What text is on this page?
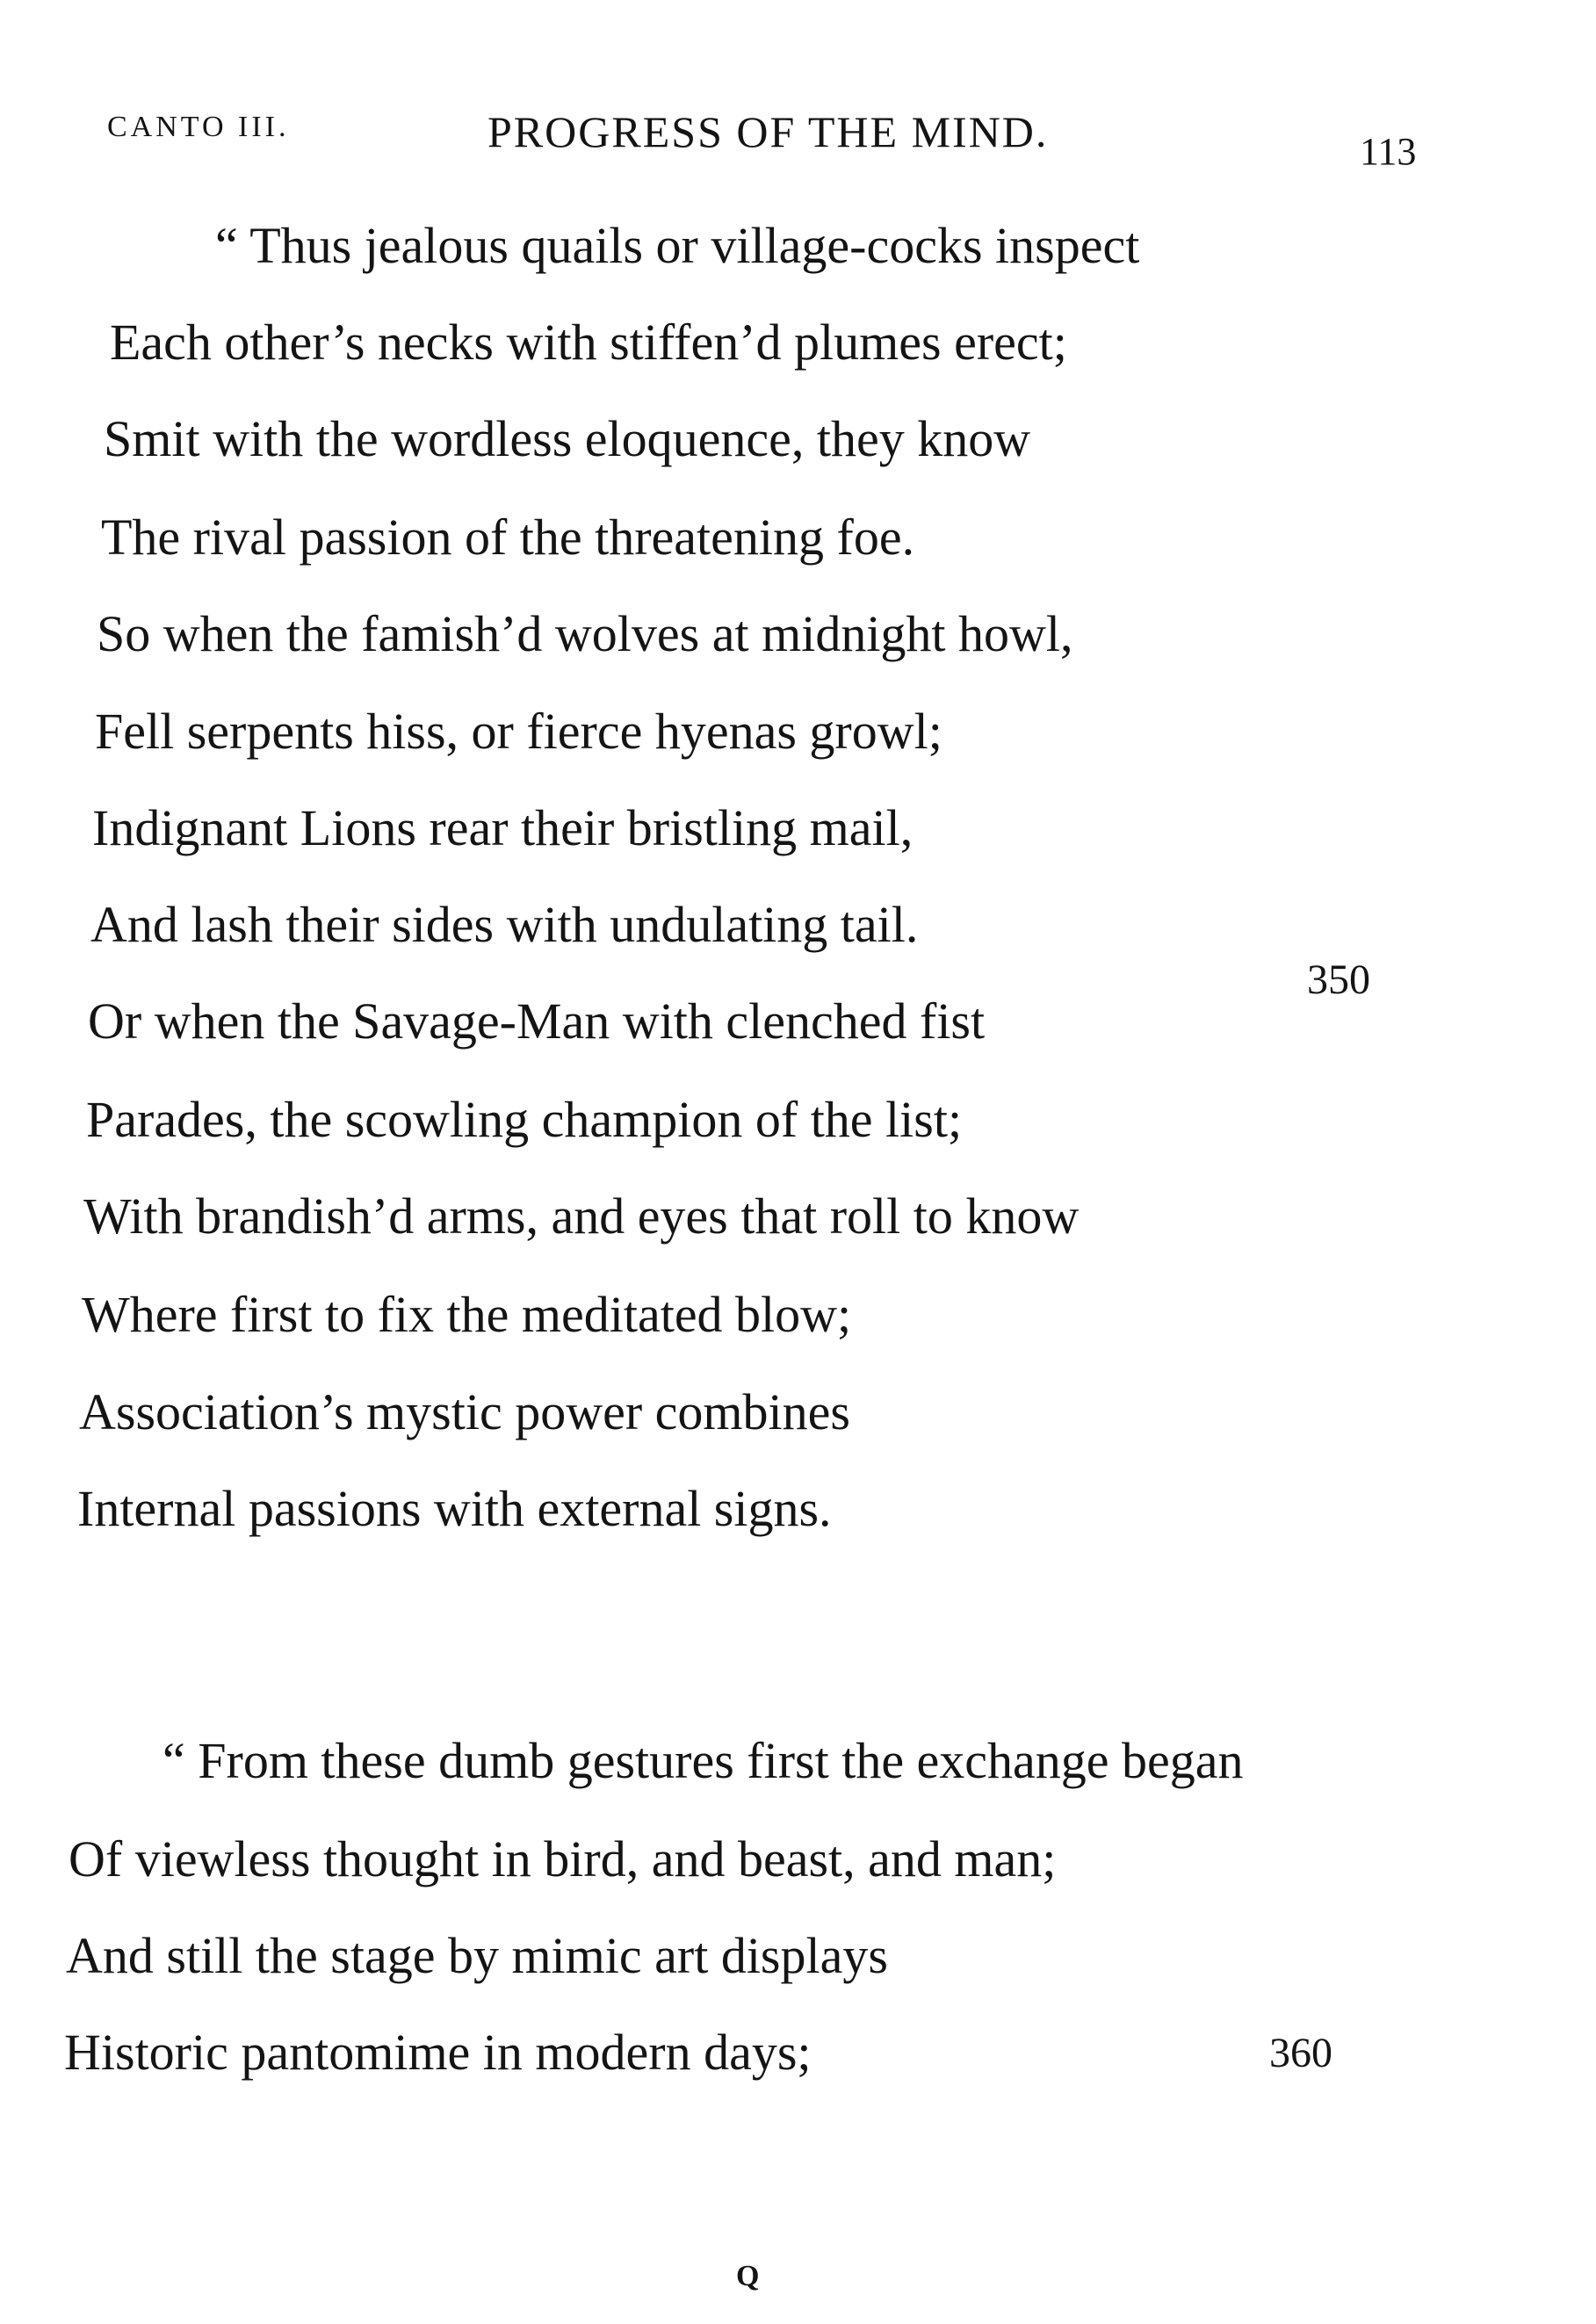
CANTO III.	PROGRESS OF THE MIND.	113
“ Thus jealous quails or village-cocks inspect
Each other’s necks with stiffen’d plumes erect;
Smit with the wordless eloquence, they know
The rival passion of the threatening foe.
So when the famish’d wolves at midnight howl,
Fell serpents hiss, or fierce hyenas growl;
Indignant Lions rear their bristling mail,
And lash their sides with undulating tail.
Or when the Savage-Man with clenched fist
Parades, the scowling champion of the list;
With brandish’d arms, and eyes that roll to know
Where first to fix the meditated blow;
Association’s mystic power combines
Internal passions with external signs.
350
“ From these dumb gestures first the exchange began
Of viewless thought in bird, and beast, and man;
And still the stage by mimic art displays
Historic pantomime in modern days;	360
Q
